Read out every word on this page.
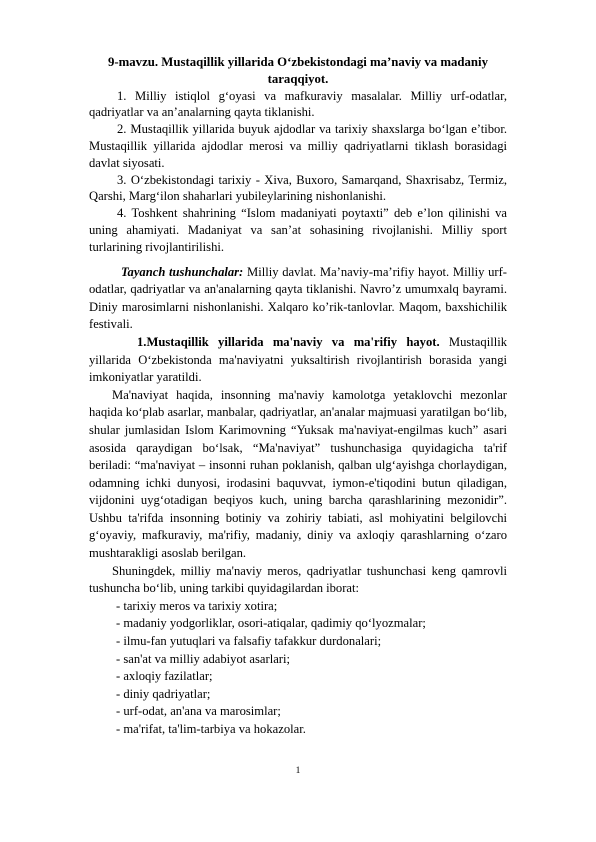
9-mavzu. Mustaqillik yillarida O‘zbekistondagi ma’naviy va madaniy taraqqiyot.

1. Milliy istiqlol g‘oyasi va mafkuraviy masalalar. Milliy urf-odatlar, qadriyatlar va an’analarning qayta tiklanishi.

2. Mustaqillik yillarida buyuk ajdodlar va tarixiy shaxslarga bo‘lgan e’tibor. Mustaqillik yillarida ajdodlar merosi va milliy qadriyatlarni tiklash borasidagi davlat siyosati.

3. O‘zbekistondagi tarixiy - Xiva, Buxoro, Samarqand, Shaxrisabz, Termiz, Qarshi, Marg‘ilon shaharlari yubileylarining nishonlanishi.

4. Toshkent shahrining “Islom madaniyati poytaxti” deb e’lon qilinishi va uning ahamiyati. Madaniyat va san’at sohasining rivojlanishi. Milliy sport turlarining rivojlantirilishi.

Tayanch tushunchalar: Milliy davlat. Ma’naviy-ma’rifiy hayot. Milliy urf-odatlar, qadriyatlar va an'analarning qayta tiklanishi. Navro’z umumxalq bayrami. Diniy marosimlarni nishonlanishi. Xalqaro ko’rik-tanlovlar. Maqom, baxshichilik festivali.

1.Mustaqillik yillarida ma'naviy va ma'rifiy hayot. Mustaqillik yillarida O‘zbekistonda ma'naviyatni yuksaltirish rivojlantirish borasida yangi imkoniyatlar yaratildi.

Ma'naviyat haqida, insonning ma'naviy kamolotga yetaklovchi mezonlar haqida ko‘plab asarlar, manbalar, qadriyatlar, an'analar majmuasi yaratilgan bo‘lib, shular jumlasidan Islom Karimovning “Yuksak ma'naviyat-engilmas kuch” asari asosida qaraydigan bo‘lsak, “Ma'naviyat” tushunchasiga quyidagicha ta'rif beriladi: “ma'naviyat – insonni ruhan poklanish, qalban ulg‘ayishga chorlaydigan, odamning ichki dunyosi, irodasini baquvvat, iymon-e'tiqodini butun qiladigan, vijdonini uyg‘otadigan beqiyos kuch, uning barcha qarashlarining mezonidir”. Ushbu ta'rifda insonning botiniy va zohiriy tabiati, asl mohiyatini belgilovchi g‘oyaviy, mafkuraviy, ma'rifiy, madaniy, diniy va axloqiy qarashlarning o‘zaro mushtarakligi asoslab berilgan.

Shuningdek, milliy ma'naviy meros, qadriyatlar tushunchasi keng qamrovli tushuncha bo‘lib, uning tarkibi quyidagilardan iborat:

- tarixiy meros va tarixiy xotira;
- madaniy yodgorliklar, osori-atiqalar, qadimiy qo‘lyozmalar;
- ilmu-fan yutuqlari va falsafiy tafakkur durdonalari;
- san'at va milliy adabiyot asarlari;
- axloqiy fazilatlar;
- diniy qadriyatlar;
- urf-odat, an'ana va marosimlar;
- ma'rifat, ta'lim-tarbiya va hokazolar.
1
